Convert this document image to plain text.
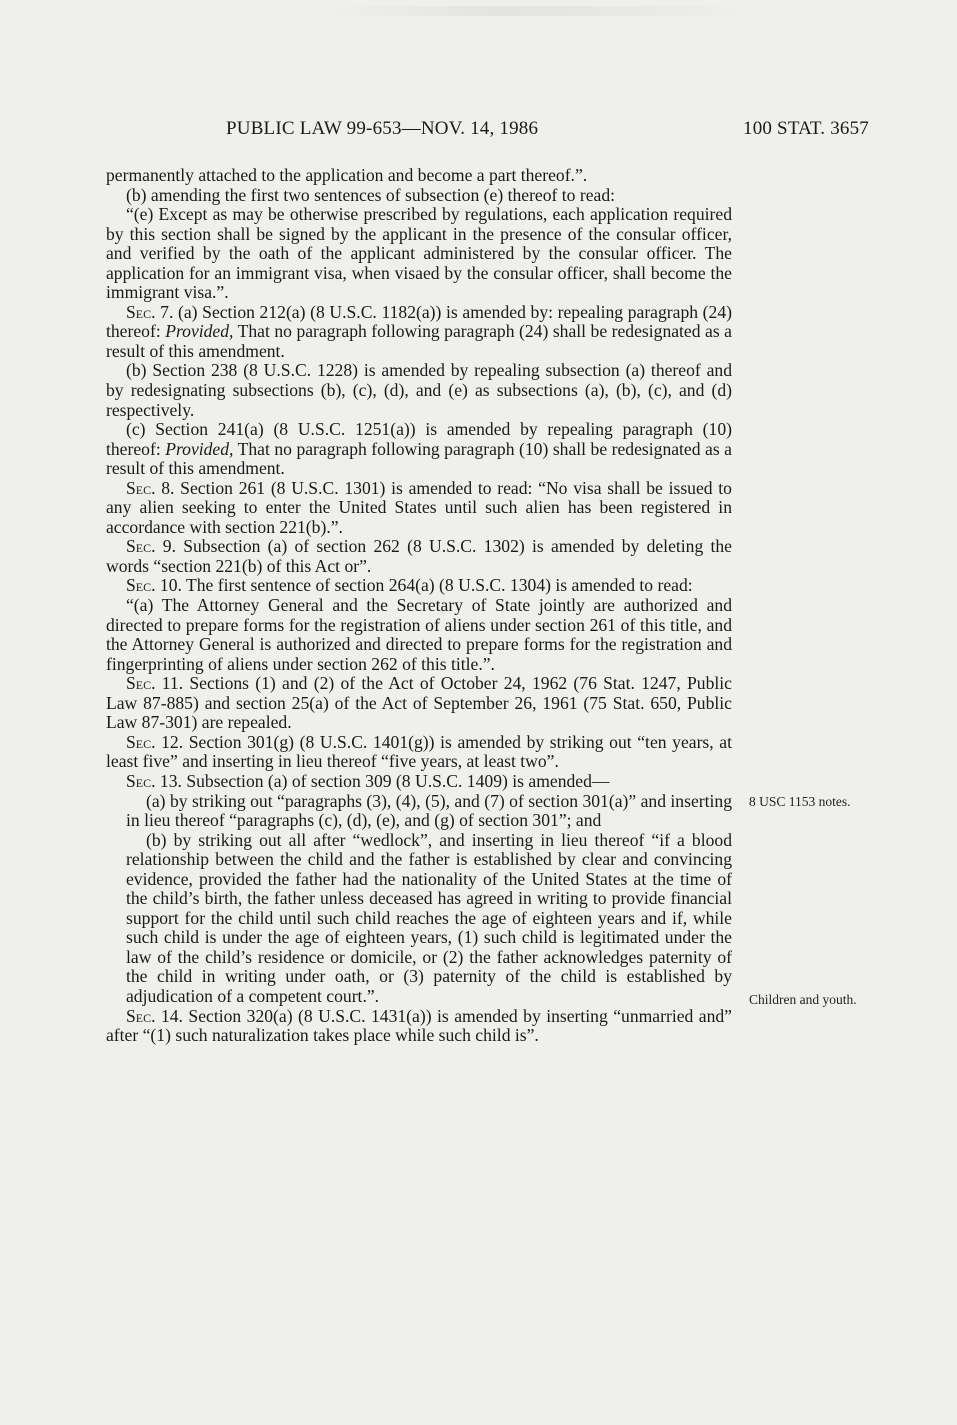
PUBLIC LAW 99-653—NOV. 14, 1986	100 STAT. 3657

permanently attached to the application and become a part thereof.”.

(b) amending the first two sentences of subsection (e) thereof to read:

“(e) Except as may be otherwise prescribed by regulations, each application required by this section shall be signed by the applicant in the presence of the consular officer, and verified by the oath of the applicant administered by the consular officer. The application for an immigrant visa, when visaed by the consular officer, shall become the immigrant visa.”.

Sec. 7. (a) Section 212(a) (8 U.S.C. 1182(a)) is amended by: repealing paragraph (24) thereof: Provided, That no paragraph following paragraph (24) shall be redesignated as a result of this amendment.

(b) Section 238 (8 U.S.C. 1228) is amended by repealing subsection (a) thereof and by redesignating subsections (b), (c), (d), and (e) as subsections (a), (b), (c), and (d) respectively.

(c) Section 241(a) (8 U.S.C. 1251(a)) is amended by repealing paragraph (10) thereof: Provided, That no paragraph following paragraph (10) shall be redesignated as a result of this amendment.

Sec. 8. Section 261 (8 U.S.C. 1301) is amended to read: “No visa shall be issued to any alien seeking to enter the United States until such alien has been registered in accordance with section 221(b).”.

Sec. 9. Subsection (a) of section 262 (8 U.S.C. 1302) is amended by deleting the words “section 221(b) of this Act or”.

Sec. 10. The first sentence of section 264(a) (8 U.S.C. 1304) is amended to read:

“(a) The Attorney General and the Secretary of State jointly are authorized and directed to prepare forms for the registration of aliens under section 261 of this title, and the Attorney General is authorized and directed to prepare forms for the registration and fingerprinting of aliens under section 262 of this title.”.

Sec. 11. Sections (1) and (2) of the Act of October 24, 1962 (76 Stat. 1247, Public Law 87-885) and section 25(a) of the Act of September 26, 1961 (75 Stat. 650, Public Law 87-301) are repealed.

Sec. 12. Section 301(g) (8 U.S.C. 1401(g)) is amended by striking out “ten years, at least five” and inserting in lieu thereof “five years, at least two”.

Sec. 13. Subsection (a) of section 309 (8 U.S.C. 1409) is amended—

(a) by striking out “paragraphs (3), (4), (5), and (7) of section 301(a)” and inserting in lieu thereof “paragraphs (c), (d), (e), and (g) of section 301”; and

(b) by striking out all after “wedlock”, and inserting in lieu thereof “if a blood relationship between the child and the father is established by clear and convincing evidence, provided the father had the nationality of the United States at the time of the child’s birth, the father unless deceased has agreed in writing to provide financial support for the child until such child reaches the age of eighteen years and if, while such child is under the age of eighteen years, (1) such child is legitimated under the law of the child’s residence or domicile, or (2) the father acknowledges paternity of the child in writing under oath, or (3) paternity of the child is established by adjudication of a competent court.”.

Sec. 14. Section 320(a) (8 U.S.C. 1431(a)) is amended by inserting “unmarried and” after “(1) such naturalization takes place while such child is”.

8 USC 1153 notes.
Children and youth.
